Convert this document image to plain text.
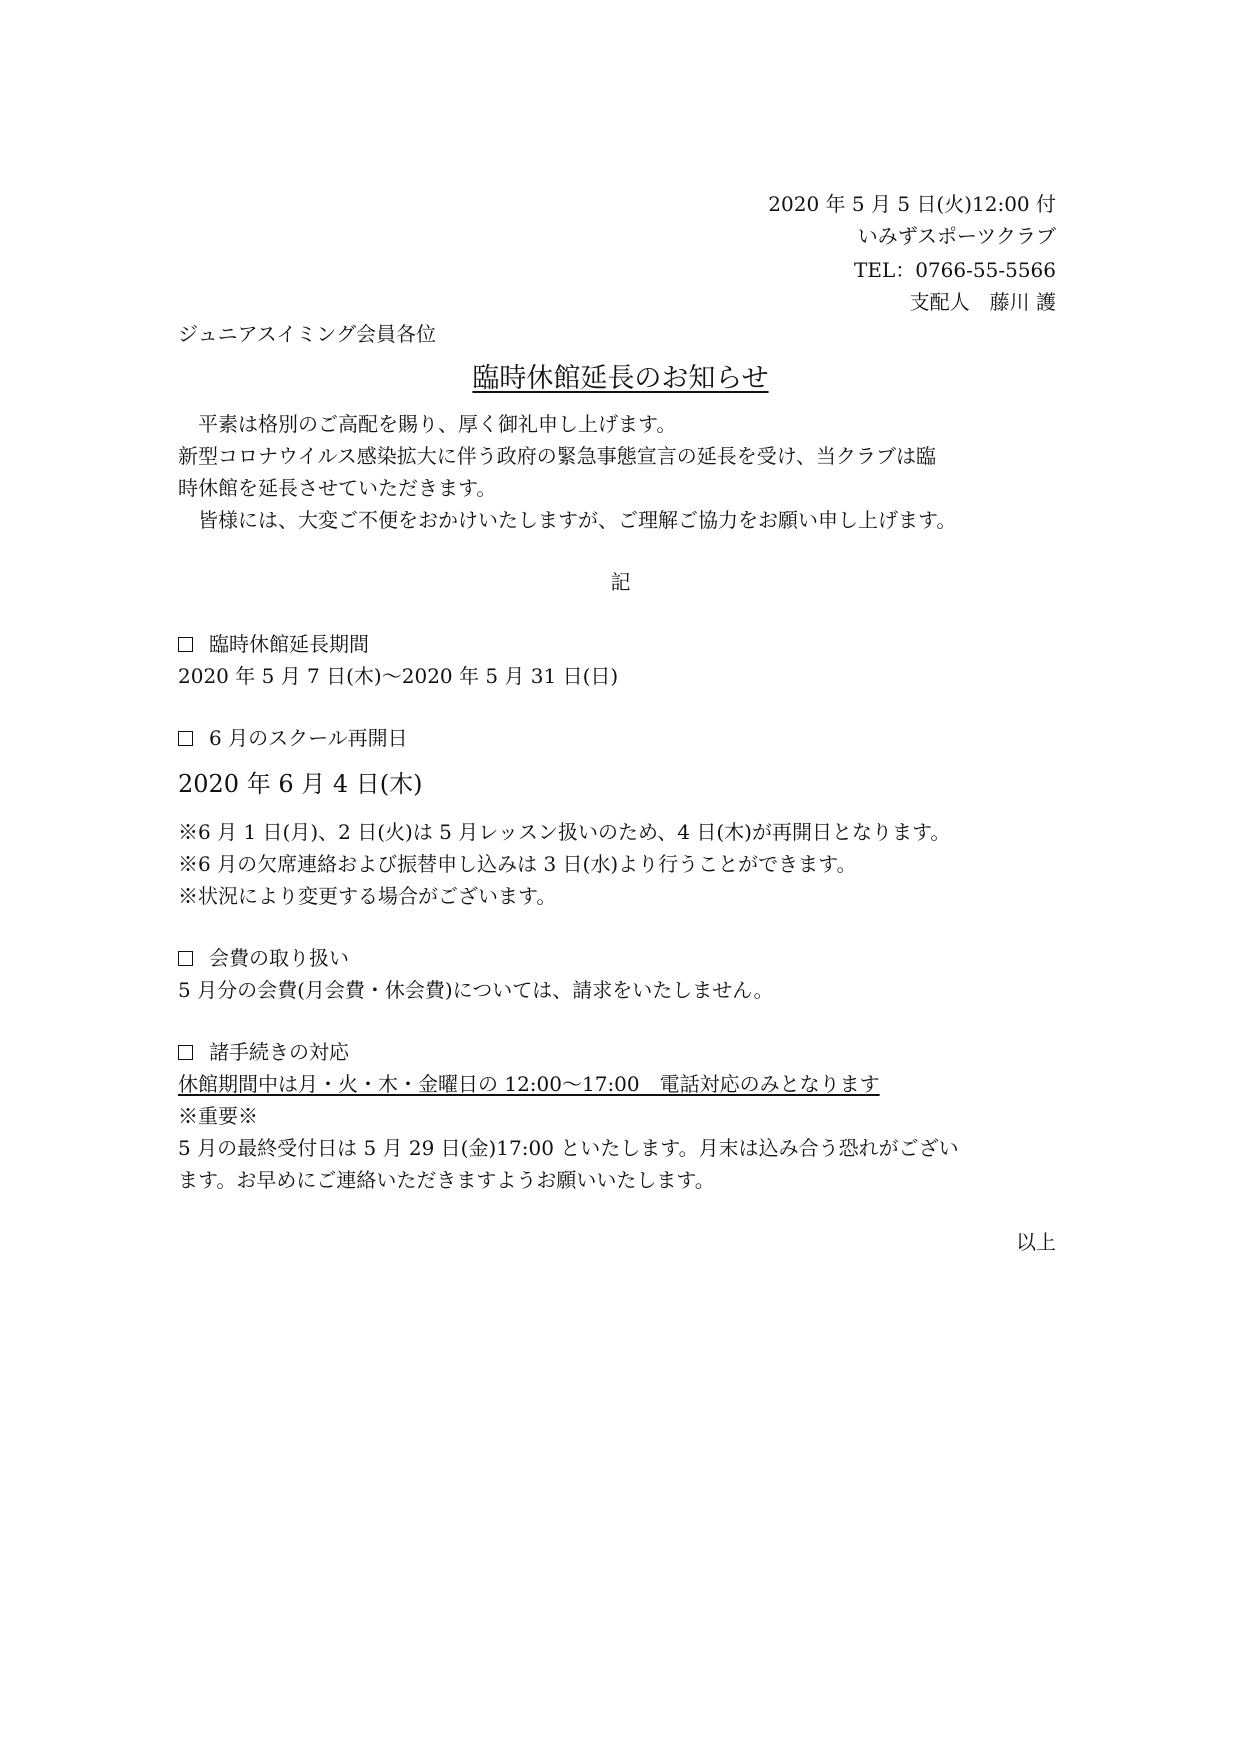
2020 年 5 月 5 日(火)12:00 付
いみずスポーツクラブ
TEL：0766-55-5566
支配人　藤川 護
ジュニアスイミング会員各位
臨時休館延長のお知らせ
平素は格別のご高配を賜り、厚く御礼申し上げます。
新型コロナウイルス感染拡大に伴う政府の緊急事態宣言の延長を受け、当クラブは臨
時休館を延長させていただきます。
皆様には、大変ご不便をおかけいたしますが、ご理解ご協力をお願い申し上げます。
記
臨時休館延長期間
2020 年 5 月 7 日(木)～2020 年 5 月 31 日(日)
6 月のスクール再開日
2020 年 6 月 4 日(木)
※6 月 1 日(月)、2 日(火)は 5 月レッスン扱いのため、4 日(木)が再開日となります。
※6 月の欠席連絡および振替申し込みは 3 日(水)より行うことができます。
※状況により変更する場合がございます。
会費の取り扱い
5 月分の会費(月会費・休会費)については、請求をいたしません。
諸手続きの対応
休館期間中は月・火・木・金曜日の 12:00～17:00　電話対応のみとなります
※重要※
5 月の最終受付日は 5 月 29 日(金)17:00 といたします。月末は込み合う恐れがござい
ます。お早めにご連絡いただきますようお願いいたします。
以上
